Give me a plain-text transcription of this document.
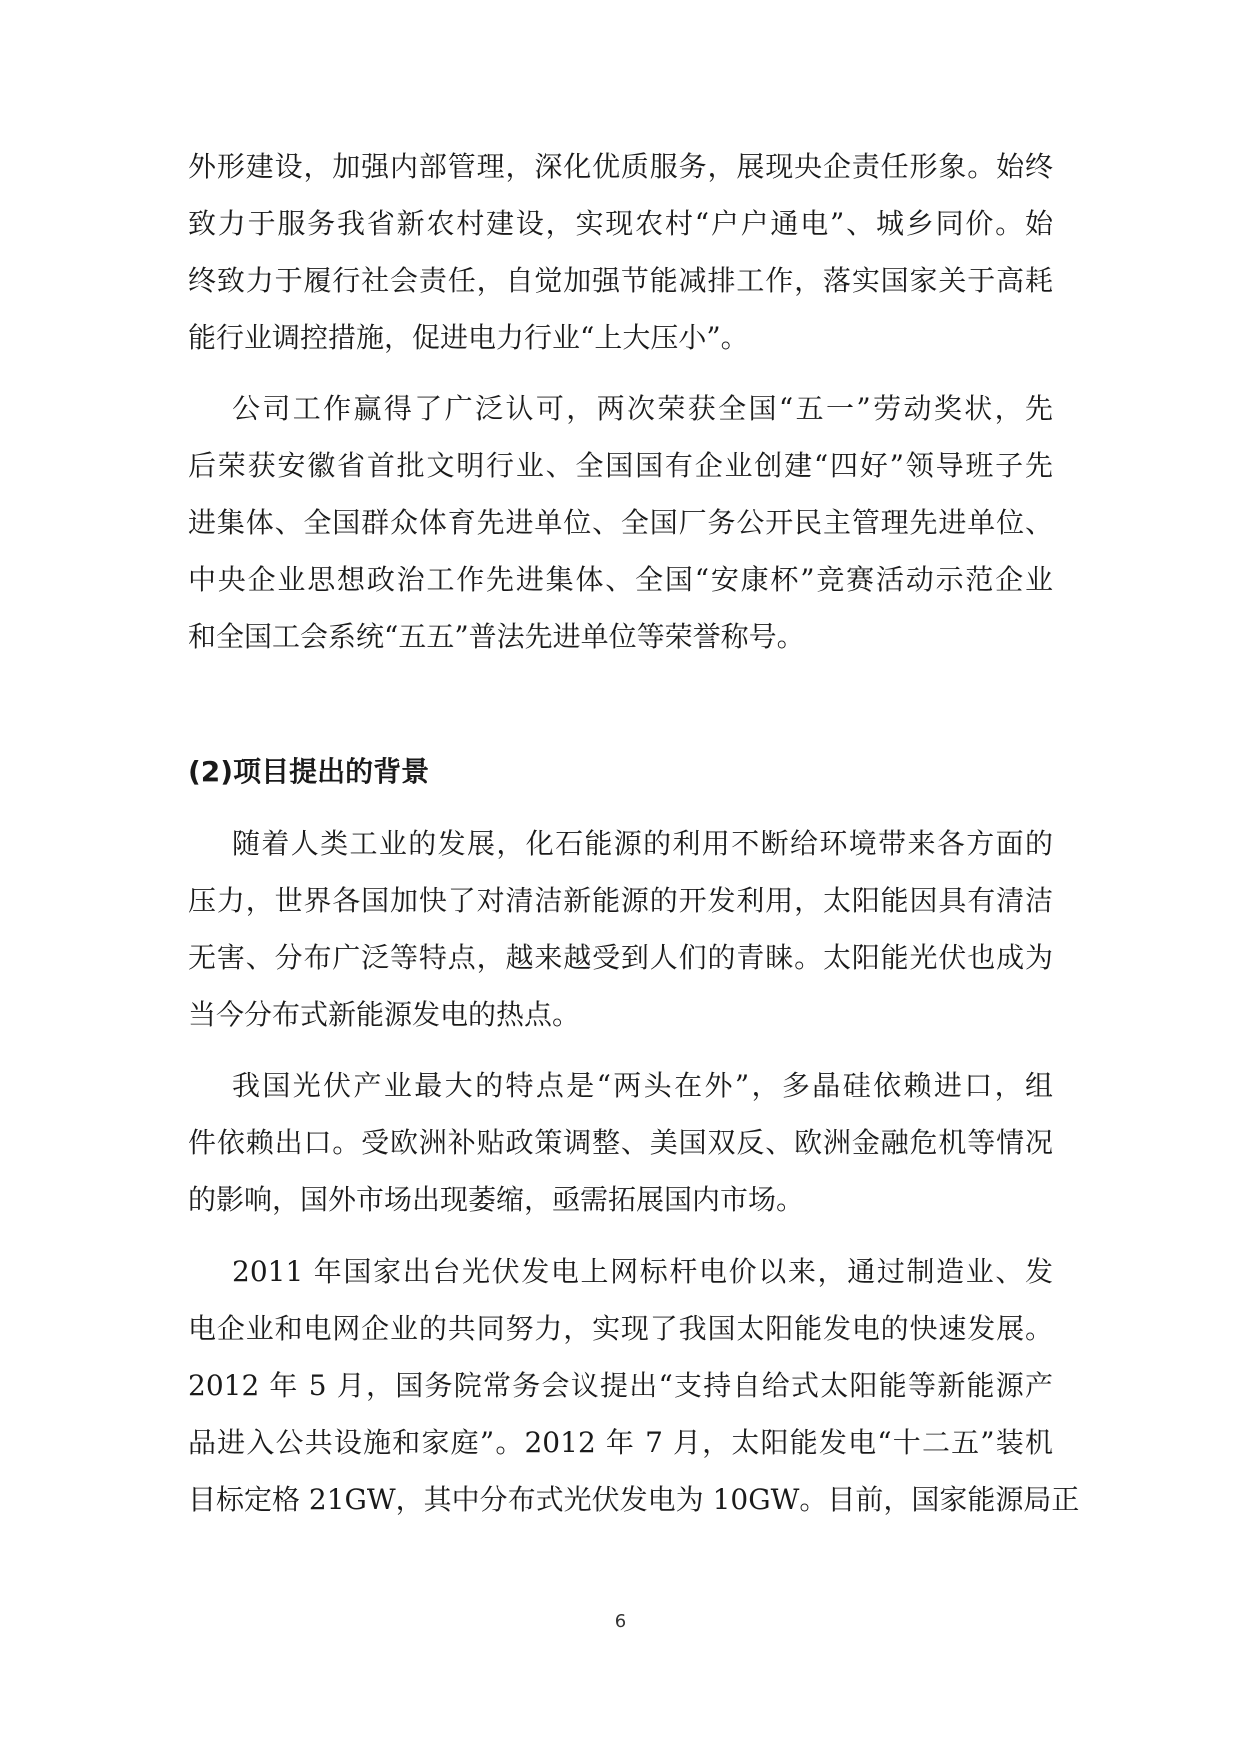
外形建设，加强内部管理，深化优质服务，展现央企责任形象。始终
致力于服务我省新农村建设，实现农村“户户通电”、城乡同价。始
终致力于履行社会责任，自觉加强节能减排工作，落实国家关于高耗
能行业调控措施，促进电力行业“上大压小”。
公司工作赢得了广泛认可，两次荣获全国“五一”劳动奖状，先
后荣获安徽省首批文明行业、全国国有企业创建“四好”领导班子先
进集体、全国群众体育先进单位、全国厂务公开民主管理先进单位、
中央企业思想政治工作先进集体、全国“安康杯”竞赛活动示范企业
和全国工会系统“五五”普法先进单位等荣誉称号。
(2)项目提出的背景
随着人类工业的发展，化石能源的利用不断给环境带来各方面的
压力，世界各国加快了对清洁新能源的开发利用，太阳能因具有清洁
无害、分布广泛等特点，越来越受到人们的青睐。太阳能光伏也成为
当今分布式新能源发电的热点。
我国光伏产业最大的特点是“两头在外”，多晶硅依赖进口，组
件依赖出口。受欧洲补贴政策调整、美国双反、欧洲金融危机等情况
的影响，国外市场出现萎缩，亟需拓展国内市场。
2011 年国家出台光伏发电上网标杆电价以来，通过制造业、发
电企业和电网企业的共同努力，实现了我国太阳能发电的快速发展。
2012 年 5 月，国务院常务会议提出“支持自给式太阳能等新能源产
品进入公共设施和家庭”。2012 年 7 月，太阳能发电“十二五”装机
目标定格 21GW，其中分布式光伏发电为 10GW。目前，国家能源局正
6
